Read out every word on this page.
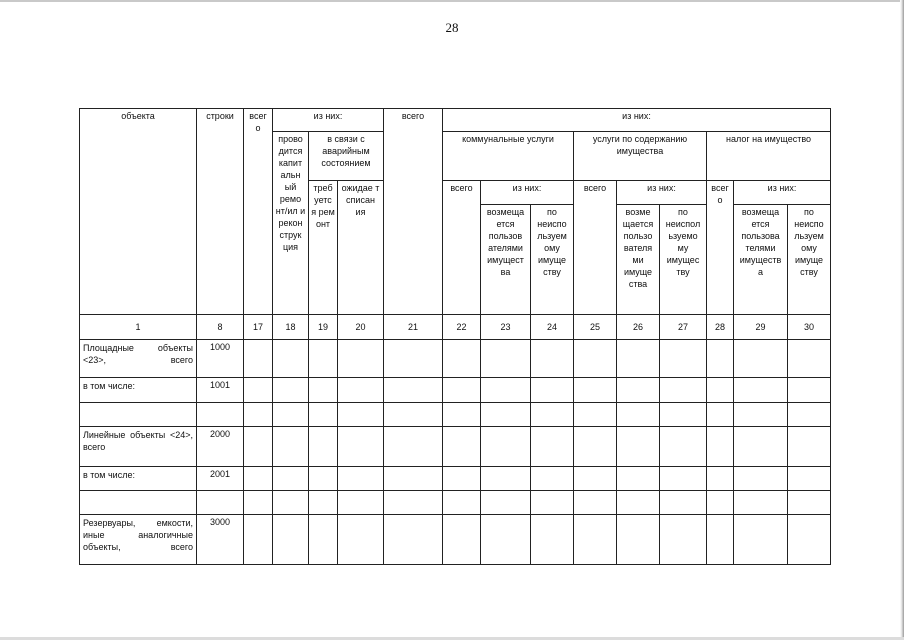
28
объекта	строки	всег о	из них:			всего	из них:								
			прово дится капит альн ый ремо нт/ил и рекон струк ция	в связи с аварийным состоянием			коммунальные услуги			услуги по содержанию имущества			налог на имущество		
				треб уетс я рем онт	ожидае т списан ия		всего	из них:		всего	из них:		всег о	из них:	
								возмеща ется пользов ателями имущест ва	по неиспо льзуем ому имуще ству		возме щается пользо вателя ми имуще ства	по неиспол ьзуемо му имущес тву		возмеща ется пользова телями имуществ а	по неиспо льзуем ому имуще ству
1	8	17	18	19	20	21	22	23	24	25	26	27	28	29	30
Площадные объекты <23>, всего	1000														
в том числе:	1001														

Линейные объекты <24>, всего	2000														
в том числе:	2001														

Резервуары, емкости, иные аналогичные объекты, всего	3000														
